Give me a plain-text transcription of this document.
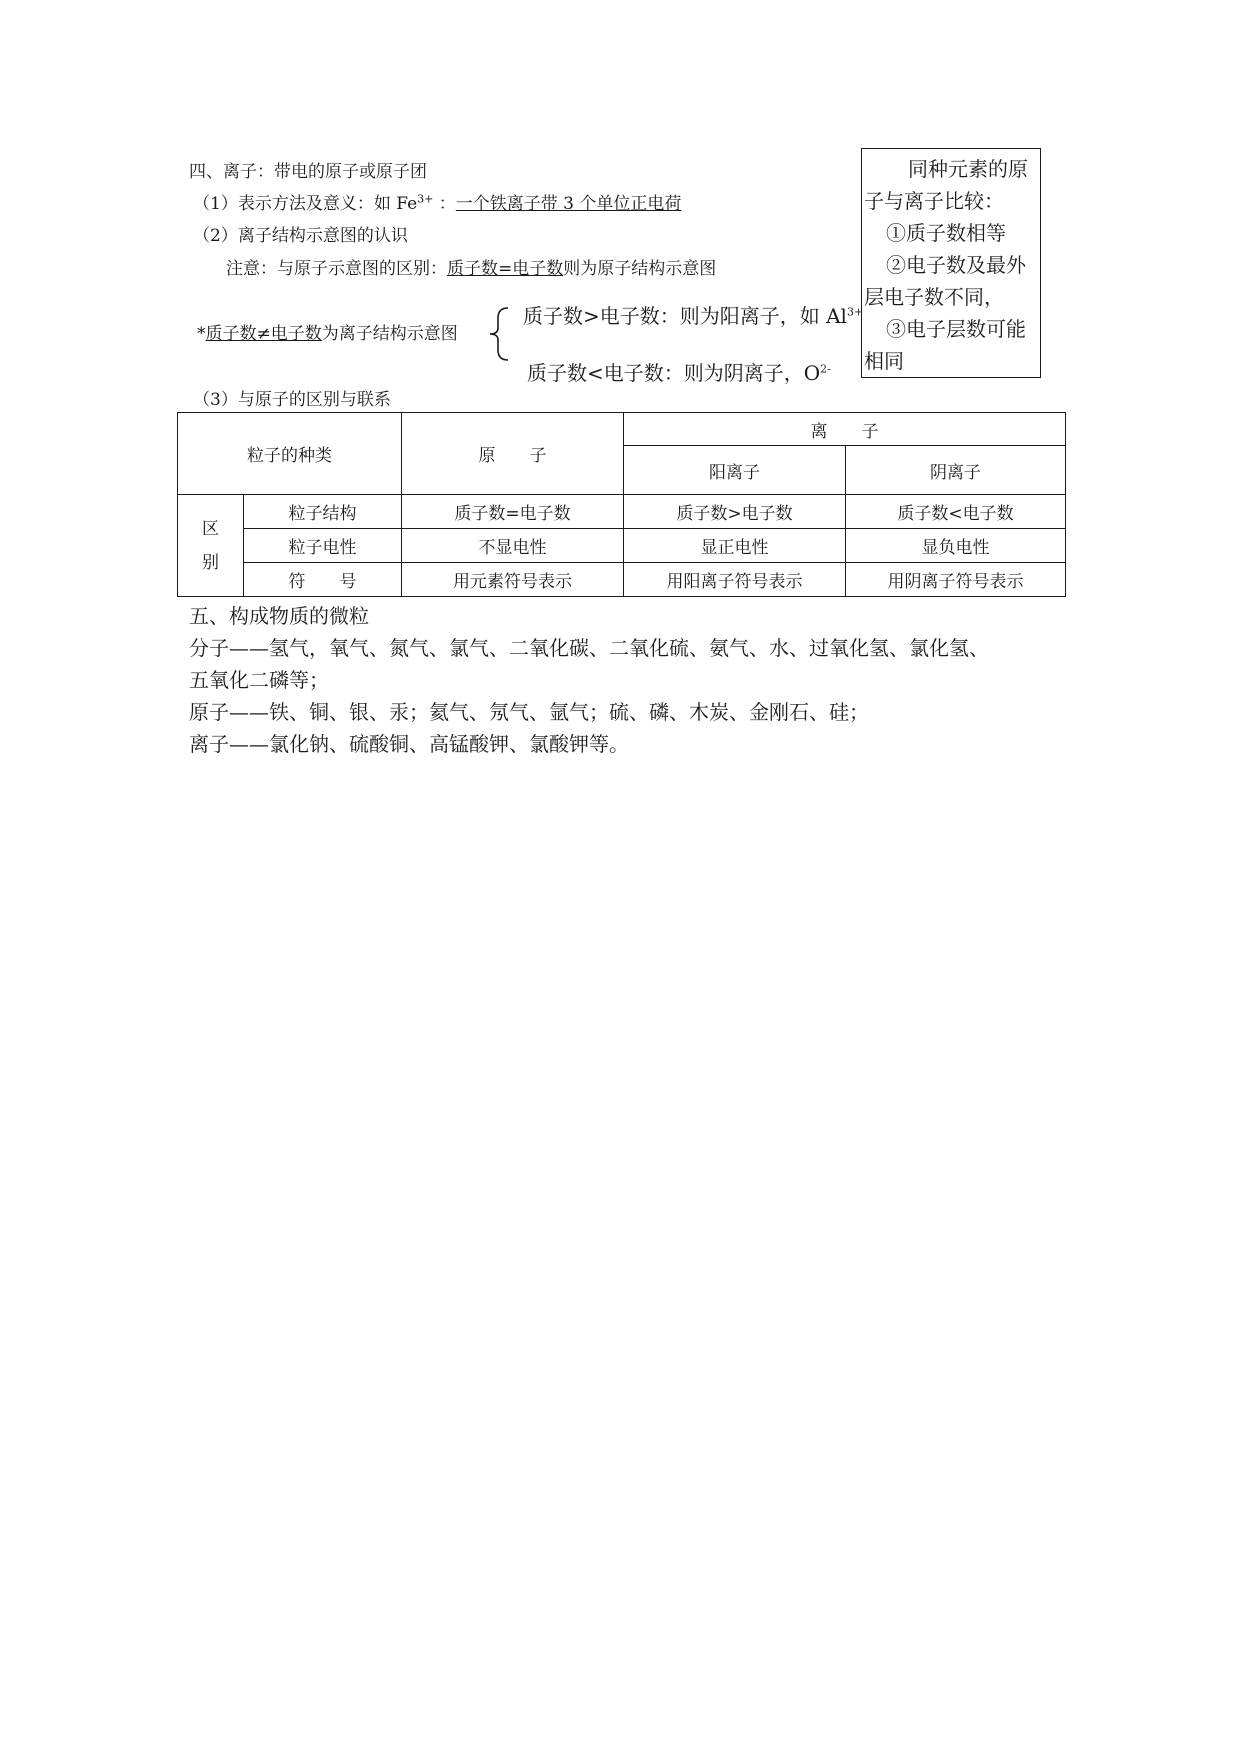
四、离子：带电的原子或原子团
（1）表示方法及意义：如 $Fe^{3+}$ ：一个铁离子带 3 个单位正电荷
（2）离子结构示意图的认识
注意：与原子示意图的区别：质子数=电子数则为原子结构示意图
*质子数≠电子数为离子结构示意图
质子数>电子数：则为阳离子，如 $Al^{3+}$
质子数<电子数：则为阴离子，$O^{2-}$
（3）与原子的区别与联系
同种元素的原
子与离子比较：
①质子数相等
②电子数及最外
层电子数不同，
③电子层数可能
相同
粒子的种类		原　　子	离　　子	
			阳离子	阴离子
区
别	粒子结构	质子数=电子数	质子数>电子数	质子数<电子数
	粒子电性	不显电性	显正电性	显负电性
	符　　号	用元素符号表示	用阳离子符号表示	用阴离子符号表示
五、构成物质的微粒
分子——氢气，氧气、氮气、氯气、二氧化碳、二氧化硫、氨气、水、过氧化氢、氯化氢、
五氧化二磷等；
原子——铁、铜、银、汞；氦气、氖气、氩气；硫、磷、木炭、金刚石、硅；
离子——氯化钠、硫酸铜、高锰酸钾、氯酸钾等。
